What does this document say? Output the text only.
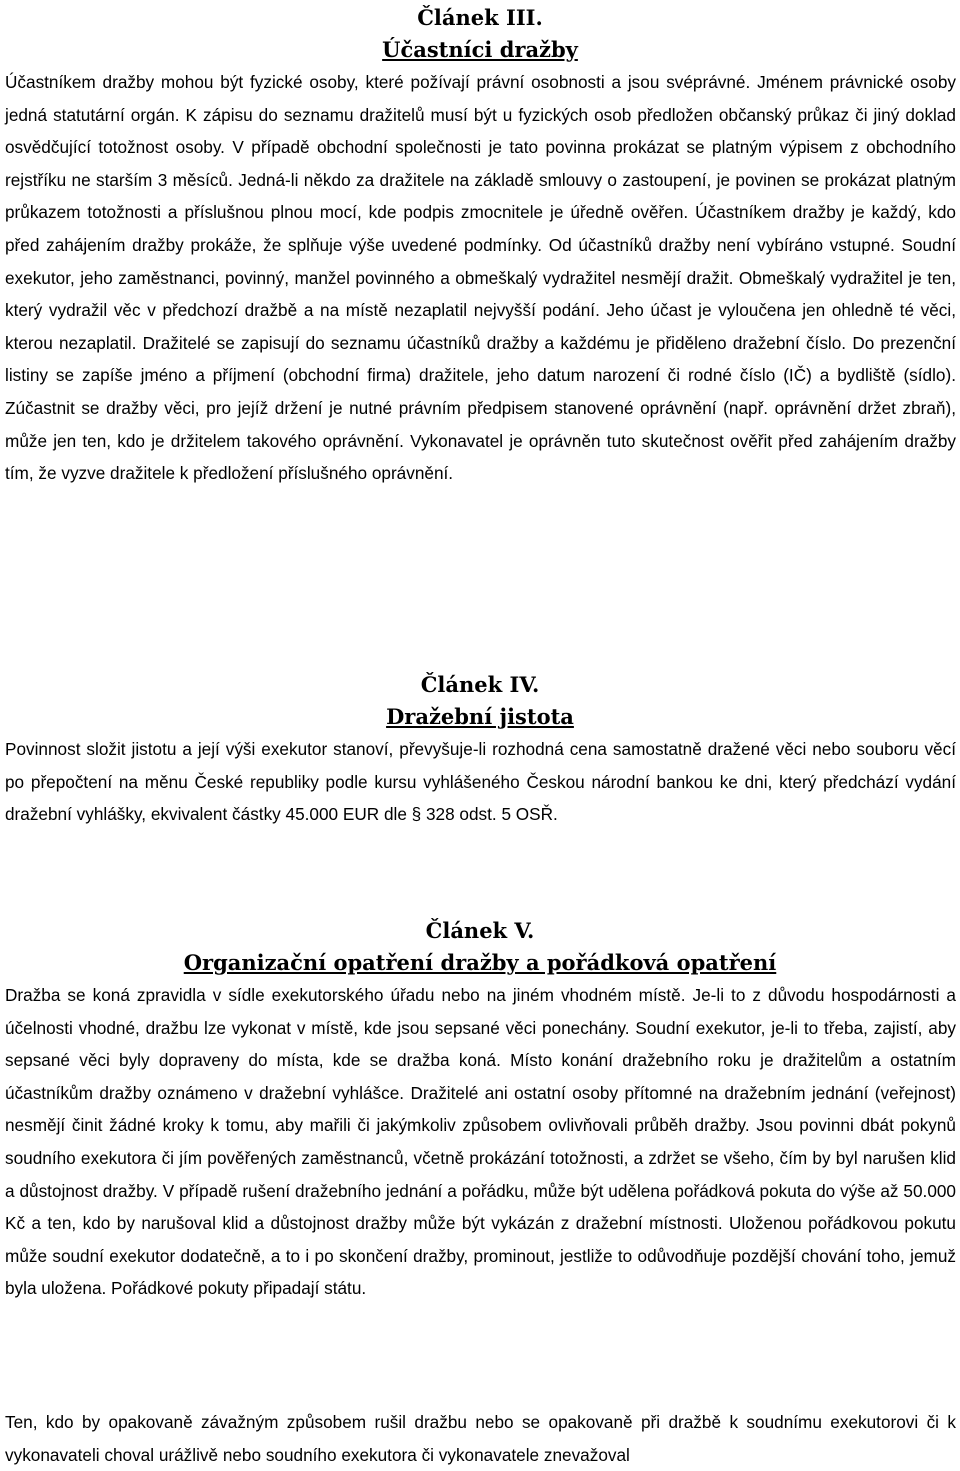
Článek III.
Účastníci dražby

Účastníkem dražby mohou být fyzické osoby, které požívají právní osobnosti a jsou svéprávné. Jménem právnické osoby jedná statutární orgán. K zápisu do seznamu dražitelů musí být u fyzických osob předložen občanský průkaz či jiný doklad osvědčující totožnost osoby. V případě obchodní společnosti je tato povinna prokázat se platným výpisem z obchodního rejstříku ne starším 3 měsíců. Jedná-li někdo za dražitele na základě smlouvy o zastoupení, je povinen se prokázat platným průkazem totožnosti a příslušnou plnou mocí, kde podpis zmocnitele je úředně ověřen. Účastníkem dražby je každý, kdo před zahájením dražby prokáže, že splňuje výše uvedené podmínky. Od účastníků dražby není vybíráno vstupné. Soudní exekutor, jeho zaměstnanci, povinný, manžel povinného a obmeškalý vydražitel nesmějí dražit. Obmeškalý vydražitel je ten, který vydražil věc v předchozí dražbě a na místě nezaplatil nejvyšší podání. Jeho účast je vyloučena jen ohledně té věci, kterou nezaplatil. Dražitelé se zapisují do seznamu účastníků dražby a každému je přiděleno dražební číslo. Do prezenční listiny se zapíše jméno a příjmení (obchodní firma) dražitele, jeho datum narození či rodné číslo (IČ) a bydliště (sídlo). Zúčastnit se dražby věci, pro jejíž držení je nutné právním předpisem stanovené oprávnění (např. oprávnění držet zbraň), může jen ten, kdo je držitelem takového oprávnění. Vykonavatel je oprávněn tuto skutečnost ověřit před zahájením dražby tím, že vyzve dražitele k předložení příslušného oprávnění.

Článek IV.
Dražební jistota

Povinnost složit jistotu a její výši exekutor stanoví, převyšuje-li rozhodná cena samostatně dražené věci nebo souboru věcí po přepočtení na měnu České republiky podle kursu vyhlášeného Českou národní bankou ke dni, který předchází vydání dražební vyhlášky, ekvivalent částky 45.000 EUR dle § 328 odst. 5 OSŘ.

Článek V.
Organizační opatření dražby a pořádková opatření

Dražba se koná zpravidla v sídle exekutorského úřadu nebo na jiném vhodném místě. Je-li to z důvodu hospodárnosti a účelnosti vhodné, dražbu lze vykonat v místě, kde jsou sepsané věci ponechány. Soudní exekutor, je-li to třeba, zajistí, aby sepsané věci byly dopraveny do místa, kde se dražba koná. Místo konání dražebního roku je dražitelům a ostatním účastníkům dražby oznámeno v dražební vyhlášce. Dražitelé ani ostatní osoby přítomné na dražebním jednání (veřejnost) nesmějí činit žádné kroky k tomu, aby mařili či jakýmkoliv způsobem ovlivňovali průběh dražby. Jsou povinni dbát pokynů soudního exekutora či jím pověřených zaměstnanců, včetně prokázání totožnosti, a zdržet se všeho, čím by byl narušen klid a důstojnost dražby. V případě rušení dražebního jednání a pořádku, může být udělena pořádková pokuta do výše až 50.000 Kč a ten, kdo by narušoval klid a důstojnost dražby může být vykázán z dražební místnosti. Uloženou pořádkovou pokutu může soudní exekutor dodatečně, a to i po skončení dražby, prominout, jestliže to odůvodňuje pozdější chování toho, jemuž byla uložena. Pořádkové pokuty připadají státu.

Ten, kdo by opakovaně závažným způsobem rušil dražbu nebo se opakovaně při dražbě k soudnímu exekutorovi či k vykonavateli choval urážlivě nebo soudního exekutora či vykonavatele znevažoval
